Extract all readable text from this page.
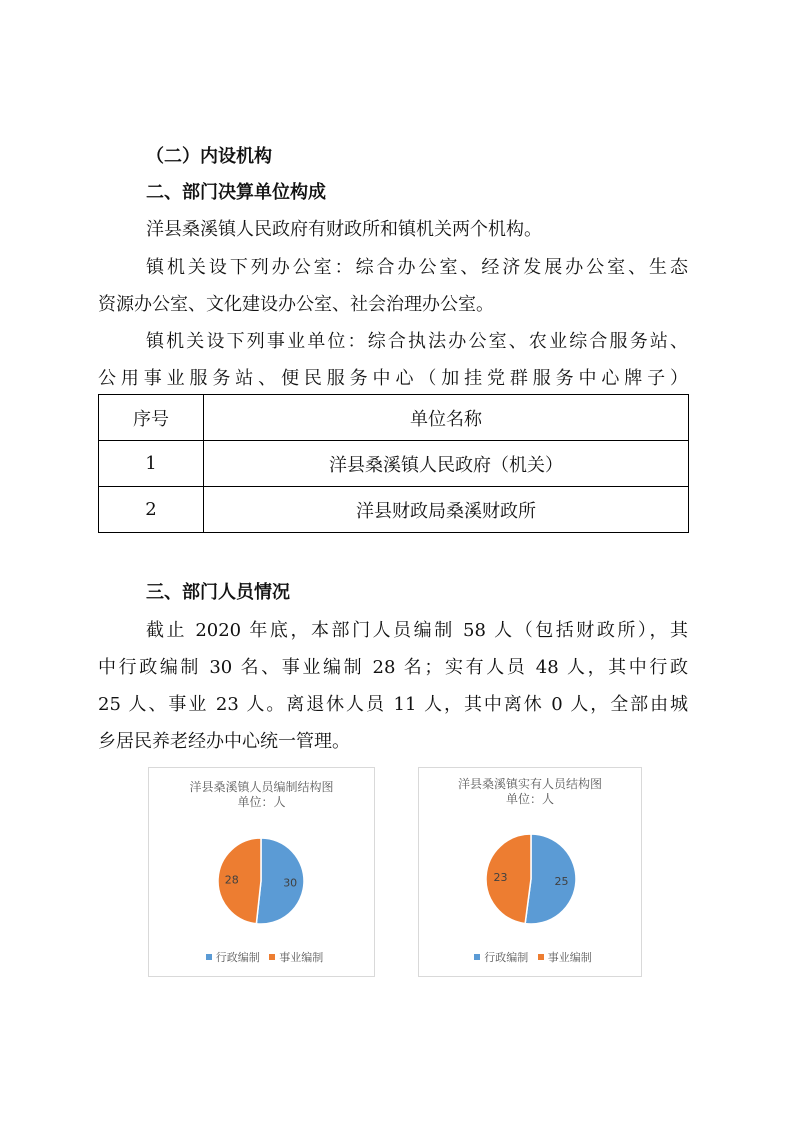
（二）内设机构
二、部门决算单位构成
洋县桑溪镇人民政府有财政所和镇机关两个机构。
镇机关设下列办公室：综合办公室、经济发展办公室、生态
资源办公室、文化建设办公室、社会治理办公室。
镇机关设下列事业单位：综合执法办公室、农业综合服务站、
公用事业服务站、便民服务中心（加挂党群服务中心牌子）
序号	单位名称
1	洋县桑溪镇人民政府（机关）
2	洋县财政局桑溪财政所
三、部门人员情况
截止 2020 年底，本部门人员编制 58 人（包括财政所），其
中行政编制 30 名、事业编制 28 名；实有人员 48 人，其中行政
25 人、事业 23 人。离退休人员 11 人，其中离休 0 人，全部由城
乡居民养老经办中心统一管理。
洋县桑溪镇人员编制结构图
单位：人
30
28
行政编制 事业编制
洋县桑溪镇实有人员结构图
单位：人
25
23
行政编制 事业编制
